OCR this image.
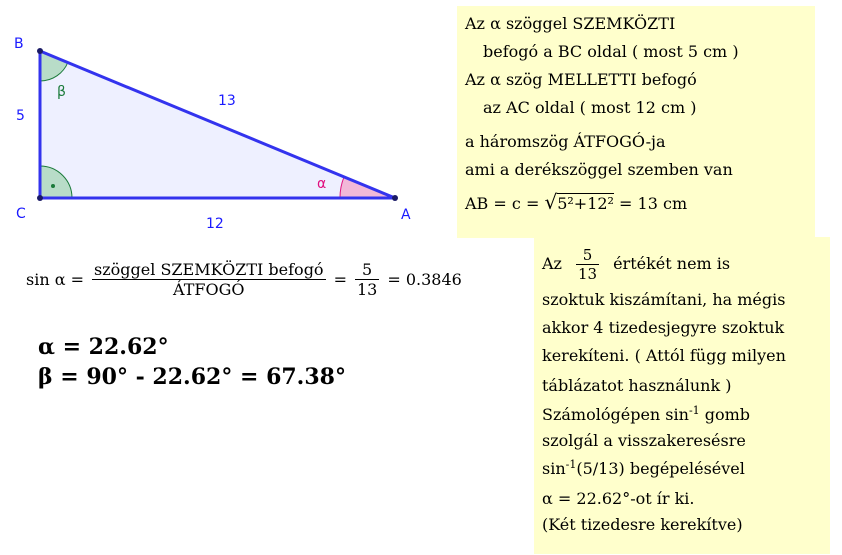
β
α
B
C	A
5
13
12
Az α szöggel SZEMKÖZTI
befogó a BC oldal ( most 5 cm )
Az α szög MELLETTI befogó
az AC oldal ( most 12 cm )
a háromszög ÁTFOGÓ-ja
ami a derékszöggel szemben van
AB = c = √5²+12² = 13 cm
$\sin \alpha = \frac{\text{szöggel SZEMKÖZTI befogó}}{\text{ÁTFOGÓ}} = \frac{5}{13} = 0.3846$
α = 22.62°
β = 90° - 22.62° = 67.38°
Az $\frac{5}{13}$ értékét nem is
szoktuk kiszámítani, ha mégis
akkor 4 tizedesjegyre szoktuk
kerekíteni. ( Attól függ milyen
táblázatot használunk )
Számológépen $\sin^{-1}$ gomb
szolgál a visszakeresésre
$\sin^{-1}(5/13)$ begépelésével
α = 22.62°-ot ír ki.
(Két tizedesre kerekítve)
